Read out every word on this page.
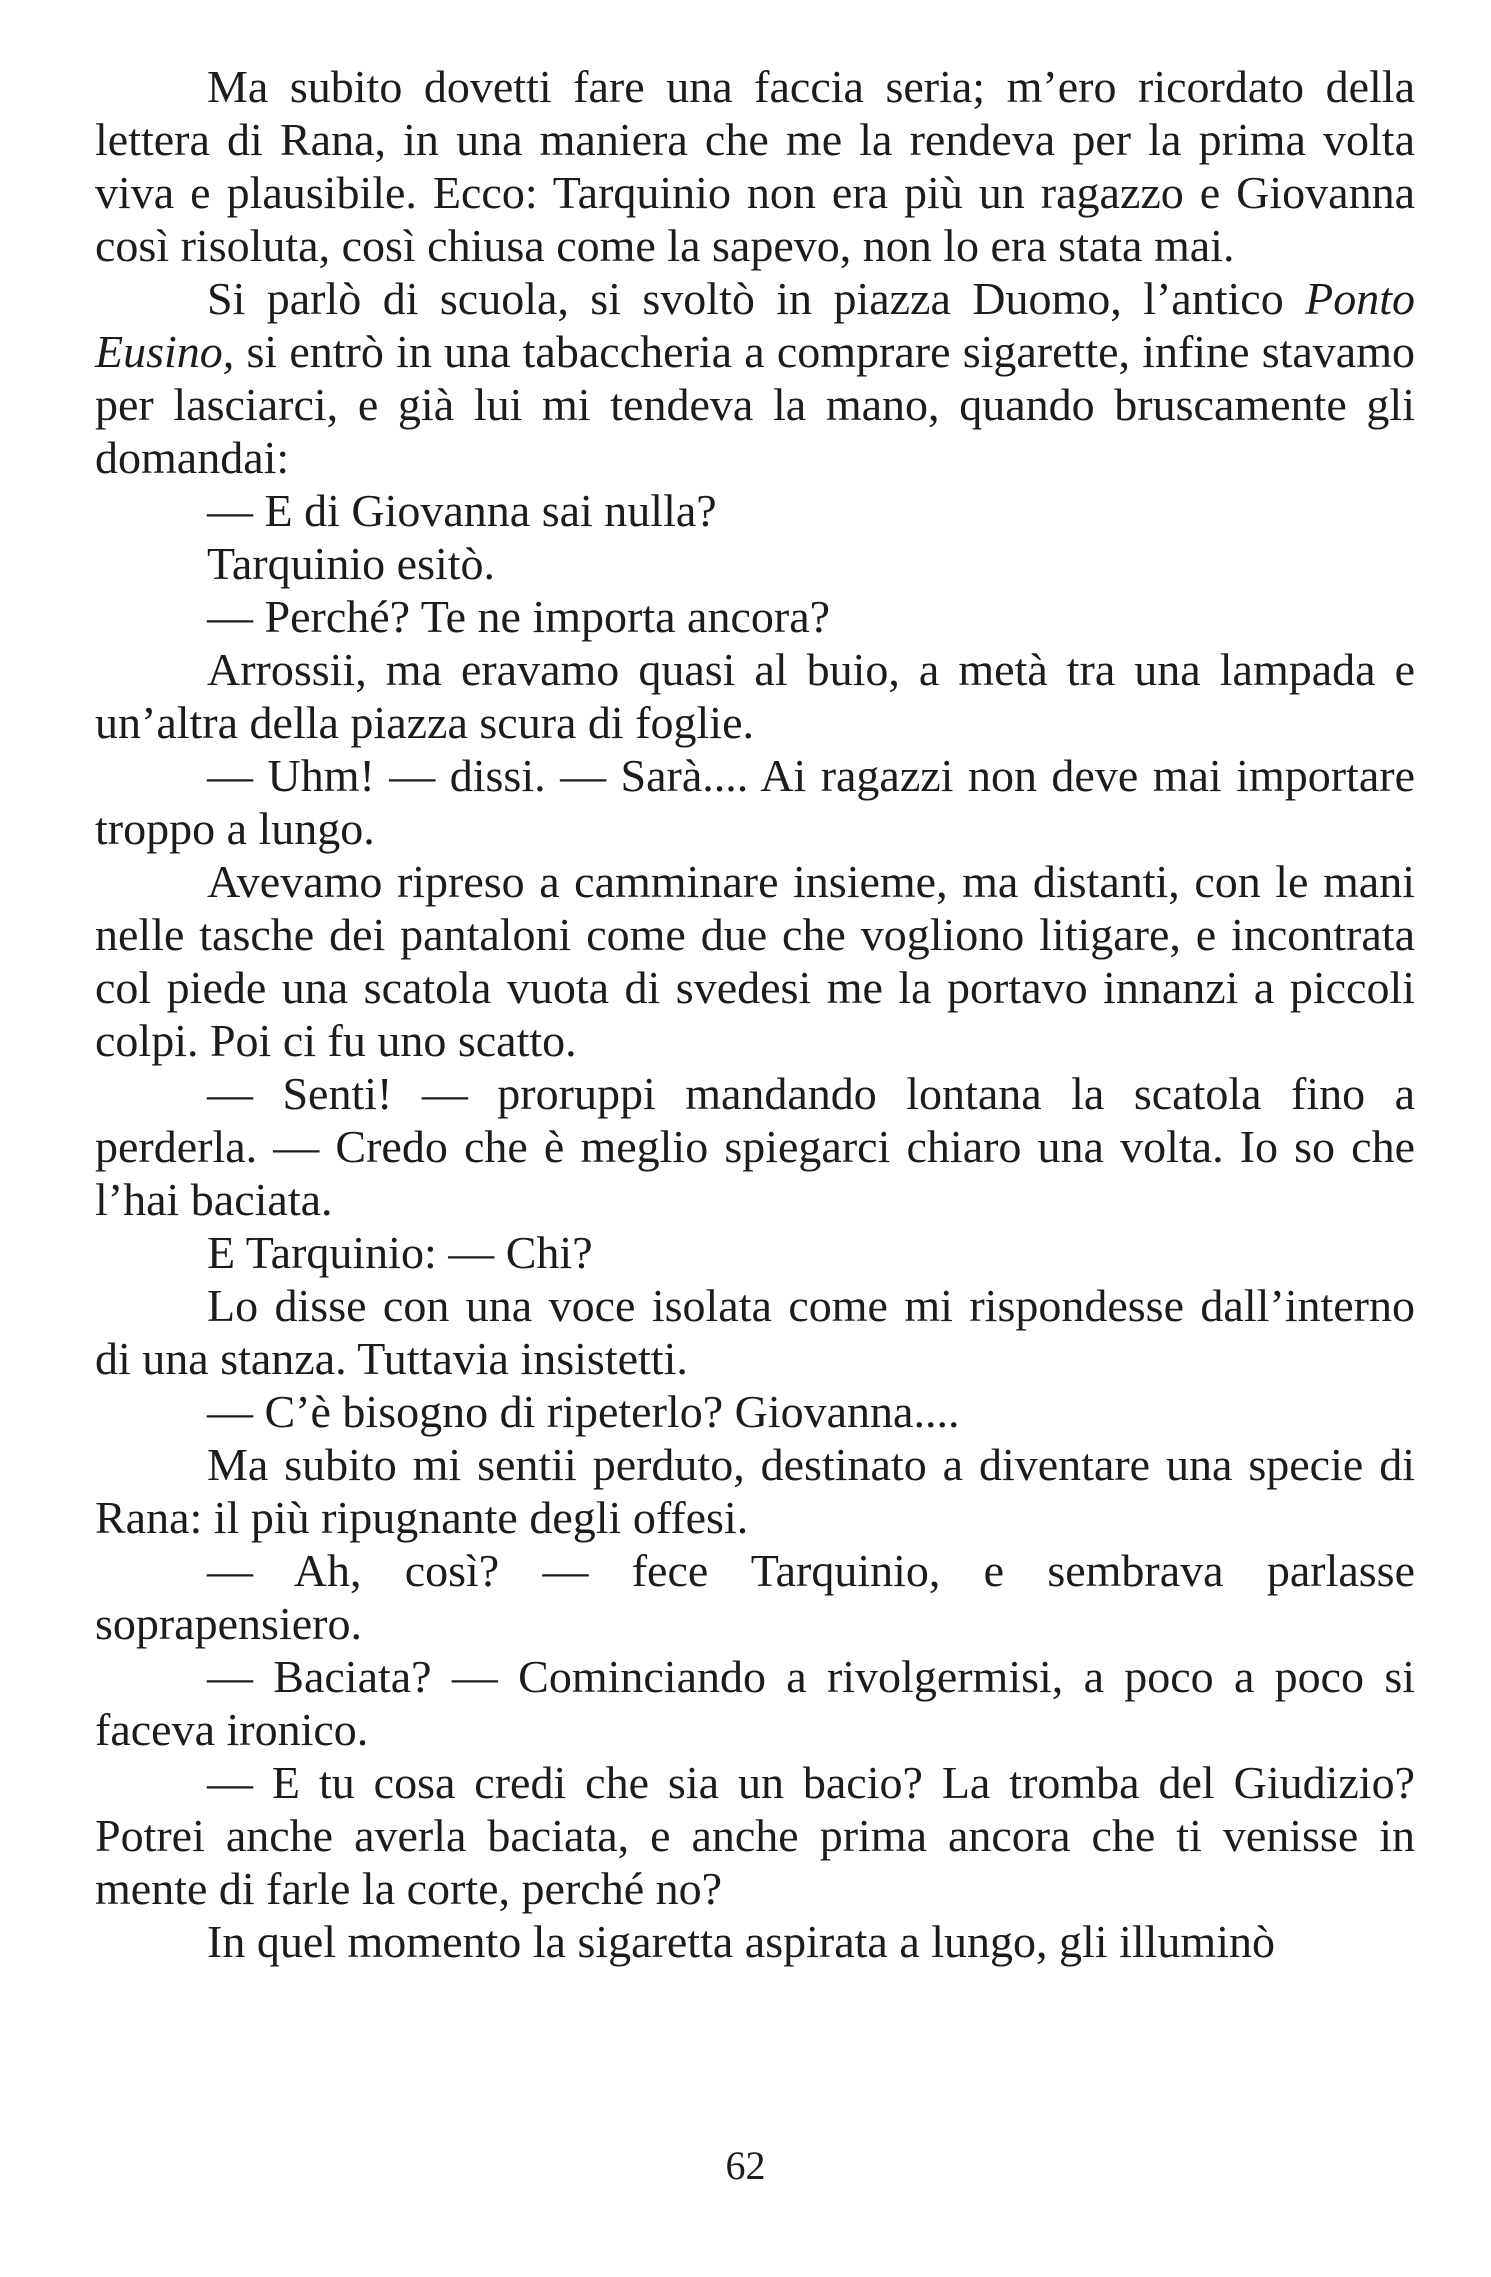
Ma subito dovetti fare una faccia seria; m’ero ricordato della lettera di Rana, in una maniera che me la rendeva per la prima volta viva e plausibile. Ecco: Tarquinio non era più un ragazzo e Giovanna così risoluta, così chiusa come la sapevo, non lo era stata mai.

Si parlò di scuola, si svoltò in piazza Duomo, l’antico Ponto Eusino, si entrò in una tabaccheria a comprare sigarette, infine stavamo per lasciarci, e già lui mi tendeva la mano, quando bruscamente gli domandai:

— E di Giovanna sai nulla?

Tarquinio esitò.

— Perché? Te ne importa ancora?

Arrossii, ma eravamo quasi al buio, a metà tra una lampada e un’altra della piazza scura di foglie.

— Uhm! — dissi. — Sarà.... Ai ragazzi non deve mai importare troppo a lungo.

Avevamo ripreso a camminare insieme, ma distanti, con le mani nelle tasche dei pantaloni come due che vogliono litigare, e incontrata col piede una scatola vuota di svedesi me la portavo innanzi a piccoli colpi. Poi ci fu uno scatto.

— Senti! — proruppi mandando lontana la scatola fino a perderla. — Credo che è meglio spiegarci chiaro una volta. Io so che l’hai baciata.

E Tarquinio: — Chi?

Lo disse con una voce isolata come mi rispondesse dall’interno di una stanza. Tuttavia insistetti.

— C’è bisogno di ripeterlo? Giovanna....

Ma subito mi sentii perduto, destinato a diventare una specie di Rana: il più ripugnante degli offesi.

— Ah, così? — fece Tarquinio, e sembrava parlasse soprapensiero.

— Baciata? — Cominciando a rivolgermisi, a poco a poco si faceva ironico.

— E tu cosa credi che sia un bacio? La tromba del Giudizio? Potrei anche averla baciata, e anche prima ancora che ti venisse in mente di farle la corte, perché no?

In quel momento la sigaretta aspirata a lungo, gli illuminò

62
